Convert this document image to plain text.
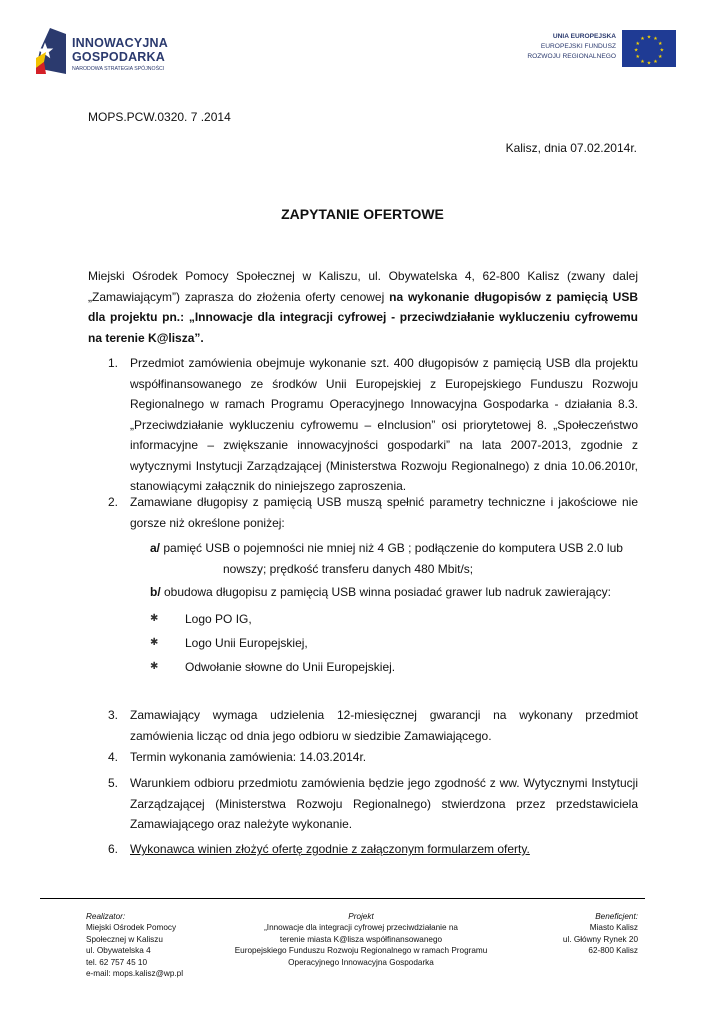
INNOWACYJNA
GOSPODARKA
NARODOWA STRATEGIA SPÓJNOŚCI
UNIA EUROPEJSKA
EUROPEJSKI FUNDUSZ
ROZWOJU REGIONALNEGO
★ ★
★
★
★
★
★
★
★
★
★
★
MOPS.PCW.0320. 7 .2014
Kalisz, dnia 07.02.2014r.
ZAPYTANIE OFERTOWE
Miejski Ośrodek Pomocy Społecznej w Kaliszu, ul. Obywatelska 4, 62-800 Kalisz (zwany dalej „Zamawiającym”) zaprasza do złożenia oferty cenowej na wykonanie długopisów z pamięcią USB dla projektu pn.: „Innowacje dla integracji cyfrowej - przeciwdziałanie wykluczeniu cyfrowemu na terenie K@lisza”.
1. Przedmiot zamówienia obejmuje wykonanie szt. 400 długopisów z pamięcią USB dla projektu współfinansowanego ze środków Unii Europejskiej z Europejskiego Funduszu Rozwoju Regionalnego w ramach Programu Operacyjnego Innowacyjna Gospodarka - działania 8.3. „Przeciwdziałanie wykluczeniu cyfrowemu – eInclusion” osi priorytetowej 8. „Społeczeństwo informacyjne – zwiększanie innowacyjności gospodarki” na lata 2007-2013, zgodnie z wytycznymi Instytucji Zarządzającej (Ministerstwa Rozwoju Regionalnego) z dnia 10.06.2010r, stanowiącymi załącznik do niniejszego zaproszenia.
2. Zamawiane długopisy z pamięcią USB muszą spełnić parametry techniczne i jakościowe nie gorsze niż określone poniżej:
a/ pamięć USB o pojemności nie mniej niż 4 GB ; podłączenie do komputera USB 2.0 lub
nowszy; prędkość transferu danych 480 Mbit/s;
b/ obudowa długopisu z pamięcią USB winna posiadać grawer lub nadruk zawierający:
✱ Logo PO IG,
✱ Logo Unii Europejskiej,
✱ Odwołanie słowne do Unii Europejskiej.
3. Zamawiający wymaga udzielenia 12-miesięcznej gwarancji na wykonany przedmiot zamówienia licząc od dnia jego odbioru w siedzibie Zamawiającego.
4. Termin wykonania zamówienia: 14.03.2014r.
5. Warunkiem odbioru przedmiotu zamówienia będzie jego zgodność z ww. Wytycznymi Instytucji Zarządzającej (Ministerstwa Rozwoju Regionalnego) stwierdzona przez przedstawiciela Zamawiającego oraz należyte wykonanie.
6. Wykonawca winien złożyć ofertę zgodnie z załączonym formularzem oferty.
Realizator:
Miejski Ośrodek Pomocy
Społecznej w Kaliszu
ul. Obywatelska 4
tel. 62 757 45 10
e-mail: mops.kalisz@wp.pl
Projekt
„Innowacje dla integracji cyfrowej przeciwdziałanie na
terenie miasta K@lisza współfinansowanego
Europejskiego Funduszu Rozwoju Regionalnego w ramach Programu
Operacyjnego Innowacyjna Gospodarka
Beneficjent:
Miasto Kalisz
ul. Główny Rynek 20
62-800 Kalisz
